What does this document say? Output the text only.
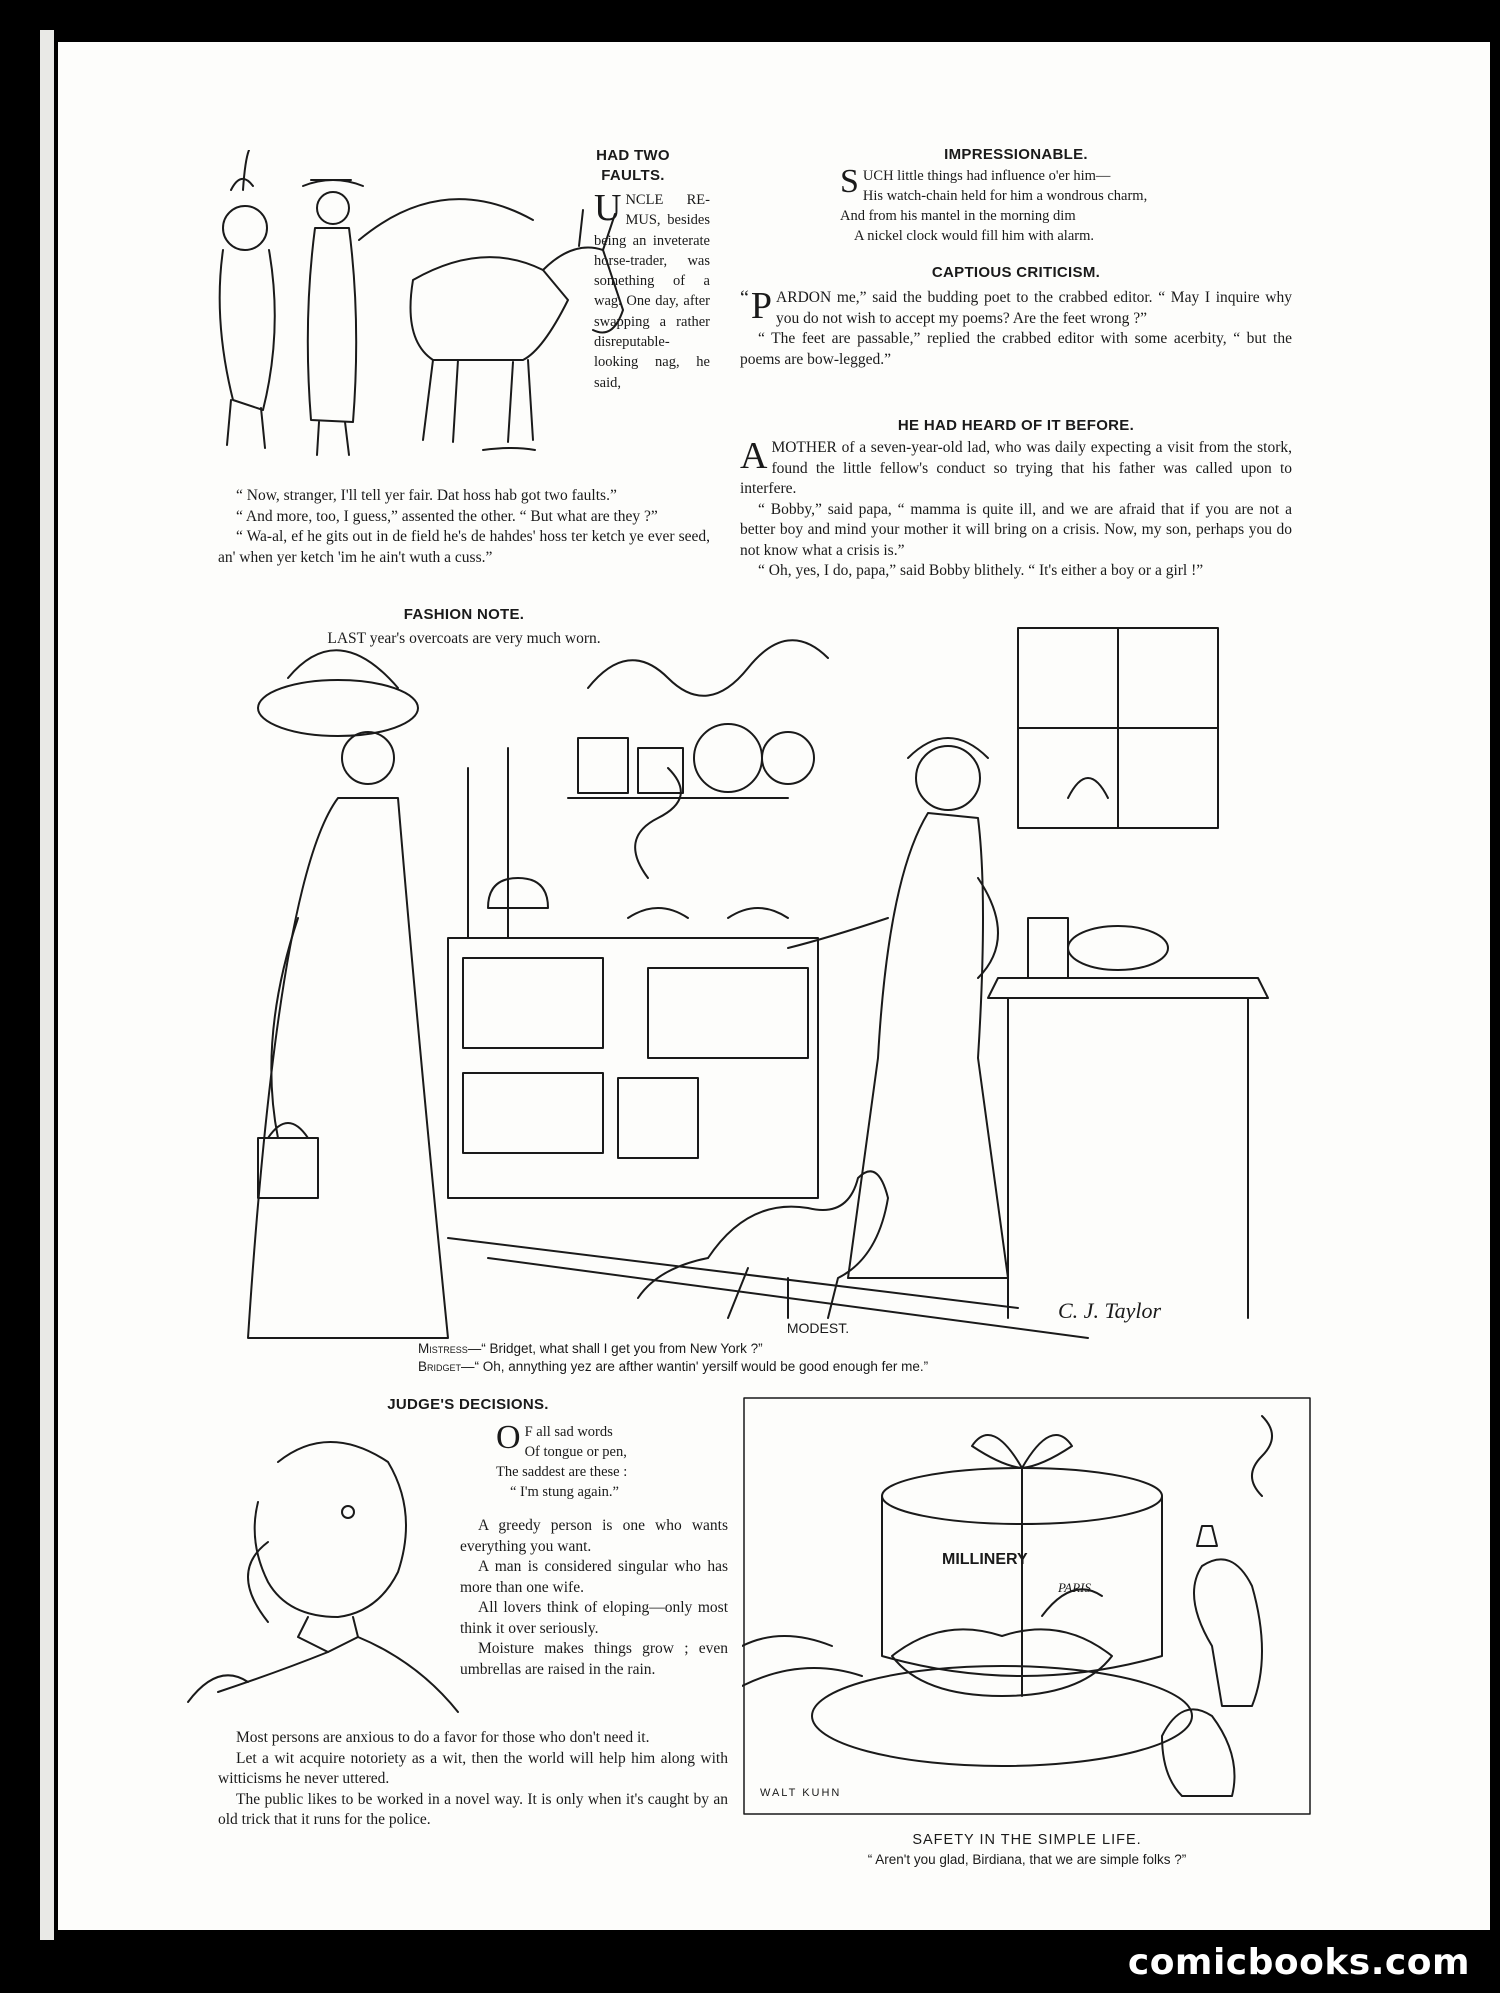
HAD TWO FAULTS.
UNCLE RE-MUS, besides being an inveterate horse-trader, was something of a wag. One day, after swapping a rather disreputable-looking nag, he said,

“ Now, stranger, I'll tell yer fair. Dat hoss hab got two faults.”

“ And more, too, I guess,” assented the other. “ But what are they ?”

“ Wa-al, ef he gits out in de field he's de hahdes' hoss ter ketch ye ever seed, an' when yer ketch 'im he ain't wuth a cuss.”

FASHION NOTE.

LAST year's overcoats are very much worn.

IMPRESSIONABLE.
S UCH little things had influence o'er him—

His watch-chain held for him a wondrous charm,

And from his mantel in the morning dim

A nickel clock would fill him with alarm.

CAPTIOUS CRITICISM.

“ P ARDON me,” said the budding poet to the crabbed editor. “ May I inquire why you do not wish to accept my poems? Are the feet wrong ?”

“ The feet are passable,” replied the crabbed editor with some acerbity, “ but the poems are bow-legged.”

HE HAD HEARD OF IT BEFORE.

AMOTHER of a seven-year-old lad, who was daily expecting a visit from the stork, found the little fellow's conduct so trying that his father was called upon to interfere.

“ Bobby,” said papa, “ mamma is quite ill, and we are afraid that if you are not a better boy and mind your mother it will bring on a crisis. Now, my son, perhaps you do not know what a crisis is.”

“ Oh, yes, I do, papa,” said Bobby blithely. “ It's either a boy or a girl !”

C. J. Taylor
MODEST.

Mistress—“ Bridget, what shall I get you from New York ?”

Bridget—“ Oh, annything yez are afther wantin' yersilf would be good enough fer me.”

JUDGE'S DECISIONS.
O F all sad words

Of tongue or pen,

The saddest are these :

“ I'm stung again.”

A greedy person is one who wants everything you want.

A man is considered singular who has more than one wife.

All lovers think of eloping—only most think it over seriously.

Moisture makes things grow ; even umbrellas are raised in the rain.

Most persons are anxious to do a favor for those who don't need it.

Let a wit acquire notoriety as a wit, then the world will help him along with witticisms he never uttered.

The public likes to be worked in a novel way. It is only when it's caught by an old trick that it runs for the police.

MILLINERY
PARIS
WALT KUHN
SAFETY IN THE SIMPLE LIFE.

“ Aren't you glad, Birdiana, that we are simple folks ?”

comicbooks.com
